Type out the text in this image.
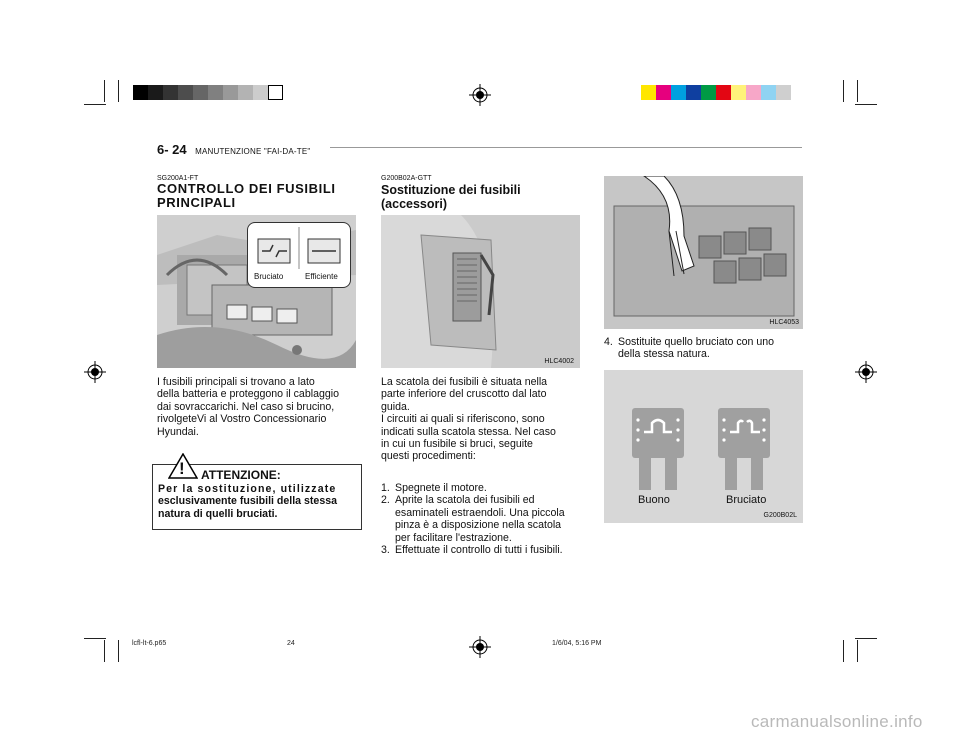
6- 24 MANUTENZIONE "FAI-DA-TE"
SG200A1-FT
CONTROLLO DEI FUSIBILI
PRINCIPALI
Bruciato	Efficiente
I fusibili principali si trovano a lato
della batteria e proteggono il cablaggio
dai sovraccarichi. Nel caso si brucino,
rivolgeteVi al Vostro Concessionario
Hyundai.
! ATTENZIONE:
Per la sostituzione, utilizzate
esclusivamente fusibili della stessa
natura di quelli bruciati.
G200B02A-GTT
Sostituzione dei fusibili
(accessori)
HLC4002
La scatola dei fusibili è situata nella
parte inferiore del cruscotto dal lato
guida.
I circuiti ai quali si riferiscono, sono
indicati sulla scatola stessa. Nel caso
in cui un fusibile si bruci, seguite
questi procedimenti:
1. Spegnete il motore.
2. Aprite la scatola dei fusibili ed
esaminateli estraendoli. Una piccola
pinza è a disposizione nella scatola
per facilitare l'estrazione.
3. Effettuate il controllo di tutti i fusibili.
HLC4053
4. Sostituite quello bruciato con uno
della stessa natura.
Buono	Bruciato
G200B02L
lcfl-lt-6.p65	24	1/6/04, 5:16 PM
carmanualsonline.info
